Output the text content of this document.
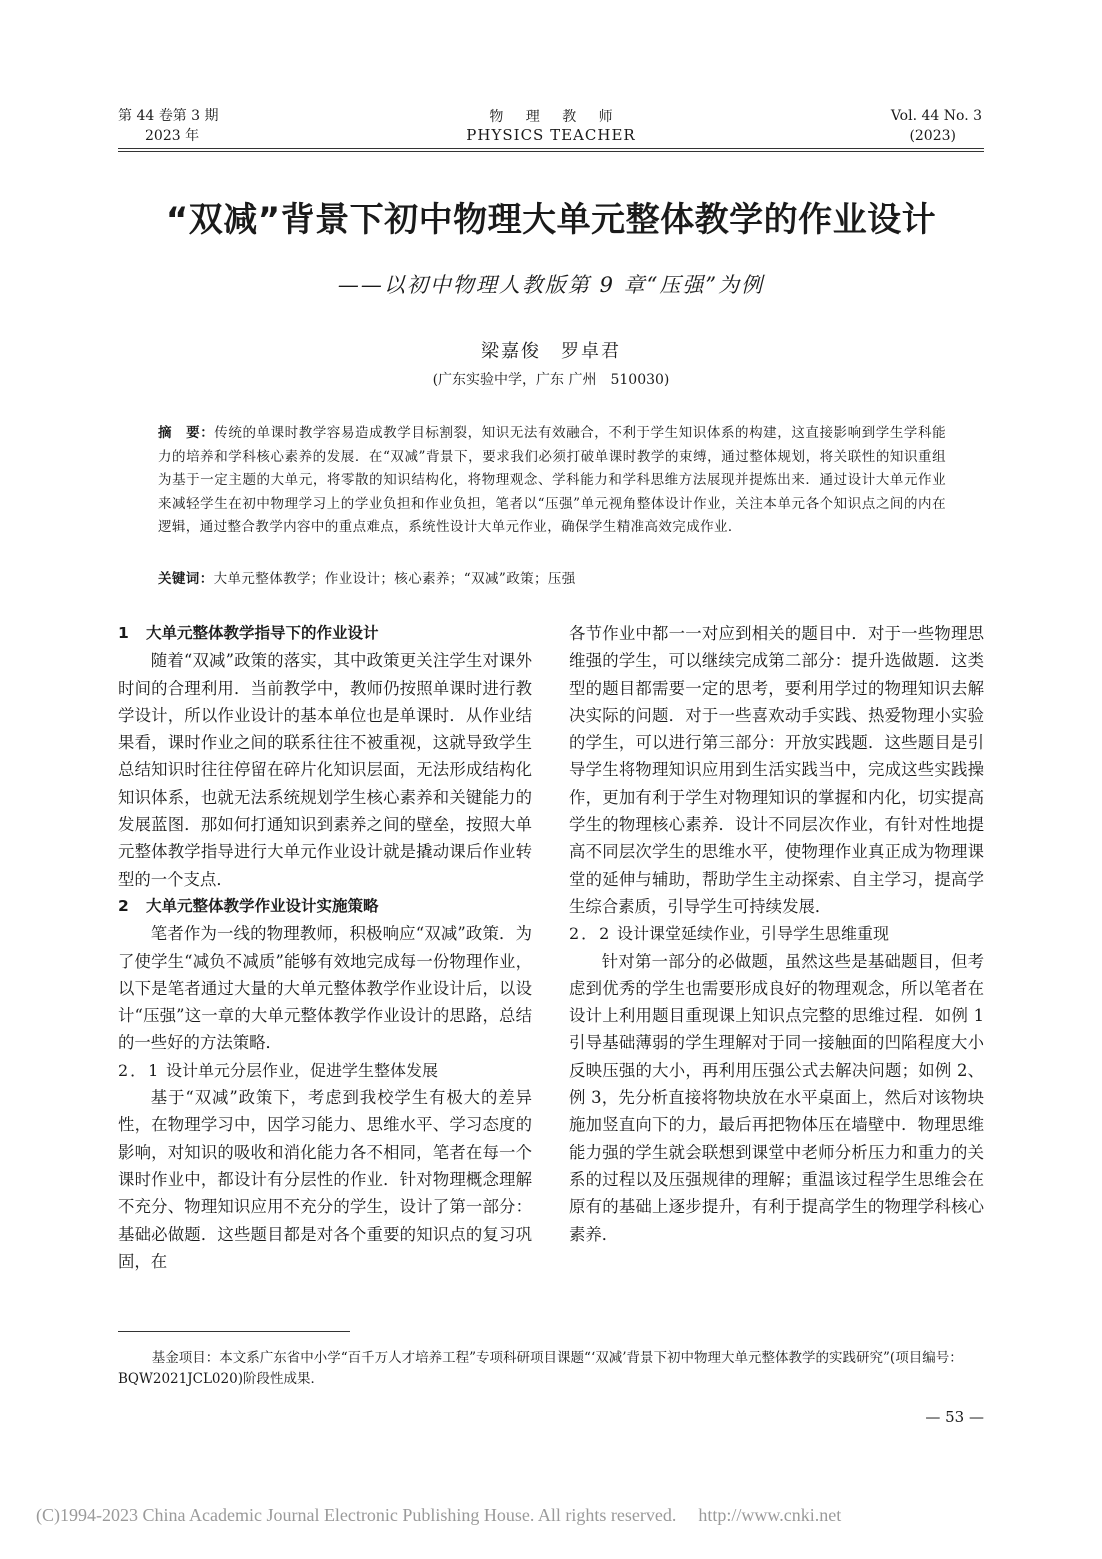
第 44 卷第 3 期
2023 年
物 理 教 师
PHYSICS TEACHER
Vol. 44 No. 3
(2023)
“双减”背景下初中物理大单元整体教学的作业设计
——以初中物理人教版第 9 章“压强”为例
梁嘉俊　罗卓君
(广东实验中学，广东 广州　510030)
摘　要：传统的单课时教学容易造成教学目标割裂，知识无法有效融合，不利于学生知识体系的构建，这直接影响到学生学科能力的培养和学科核心素养的发展．在“双减”背景下，要求我们必须打破单课时教学的束缚，通过整体规划，将关联性的知识重组为基于一定主题的大单元，将零散的知识结构化，将物理观念、学科能力和学科思维方法展现并提炼出来．通过设计大单元作业来减轻学生在初中物理学习上的学业负担和作业负担，笔者以“压强”单元视角整体设计作业，关注本单元各个知识点之间的内在逻辑，通过整合教学内容中的重点难点，系统性设计大单元作业，确保学生精准高效完成作业．
关键词：大单元整体教学；作业设计；核心素养；“双减”政策；压强
1 大单元整体教学指导下的作业设计

随着“双减”政策的落实，其中政策更关注学生对课外时间的合理利用．当前教学中，教师仍按照单课时进行教学设计，所以作业设计的基本单位也是单课时．从作业结果看，课时作业之间的联系往往不被重视，这就导致学生总结知识时往往停留在碎片化知识层面，无法形成结构化知识体系，也就无法系统规划学生核心素养和关键能力的发展蓝图．那如何打通知识到素养之间的壁垒，按照大单元整体教学指导进行大单元作业设计就是撬动课后作业转型的一个支点．

2 大单元整体教学作业设计实施策略

笔者作为一线的物理教师，积极响应“双减”政策．为了使学生“减负不减质”能够有效地完成每一份物理作业，以下是笔者通过大量的大单元整体教学作业设计后，以设计“压强”这一章的大单元整体教学作业设计的思路，总结的一些好的方法策略．

2．1 设计单元分层作业，促进学生整体发展

基于“双减”政策下，考虑到我校学生有极大的差异性，在物理学习中，因学习能力、思维水平、学习态度的影响，对知识的吸收和消化能力各不相同，笔者在每一个课时作业中，都设计有分层性的作业．针对物理概念理解不充分、物理知识应用不充分的学生，设计了第一部分：基础必做题．这些题目都是对各个重要的知识点的复习巩固，在

各节作业中都一一对应到相关的题目中．对于一些物理思维强的学生，可以继续完成第二部分：提升选做题．这类型的题目都需要一定的思考，要利用学过的物理知识去解决实际的问题．对于一些喜欢动手实践、热爱物理小实验的学生，可以进行第三部分：开放实践题．这些题目是引导学生将物理知识应用到生活实践当中，完成这些实践操作，更加有利于学生对物理知识的掌握和内化，切实提高学生的物理核心素养．设计不同层次作业，有针对性地提高不同层次学生的思维水平，使物理作业真正成为物理课堂的延伸与辅助，帮助学生主动探索、自主学习，提高学生综合素质，引导学生可持续发展．

2．2 设计课堂延续作业，引导学生思维重现

针对第一部分的必做题，虽然这些是基础题目，但考虑到优秀的学生也需要形成良好的物理观念，所以笔者在设计上利用题目重现课上知识点完整的思维过程．如例 1 引导基础薄弱的学生理解对于同一接触面的凹陷程度大小反映压强的大小，再利用压强公式去解决问题；如例 2、例 3，先分析直接将物块放在水平桌面上，然后对该物块施加竖直向下的力，最后再把物体压在墙壁中．物理思维能力强的学生就会联想到课堂中老师分析压力和重力的关系的过程以及压强规律的理解；重温该过程学生思维会在原有的基础上逐步提升，有利于提高学生的物理学科核心素养．

基金项目：本文系广东省中小学“百千万人才培养工程”专项科研项目课题“‘双减’背景下初中物理大单元整体教学的实践研究”(项目编号：BQW2021JCL020)阶段性成果．

— 53 —
(C)1994-2023 China Academic Journal Electronic Publishing House. All rights reserved. http://www.cnki.net
